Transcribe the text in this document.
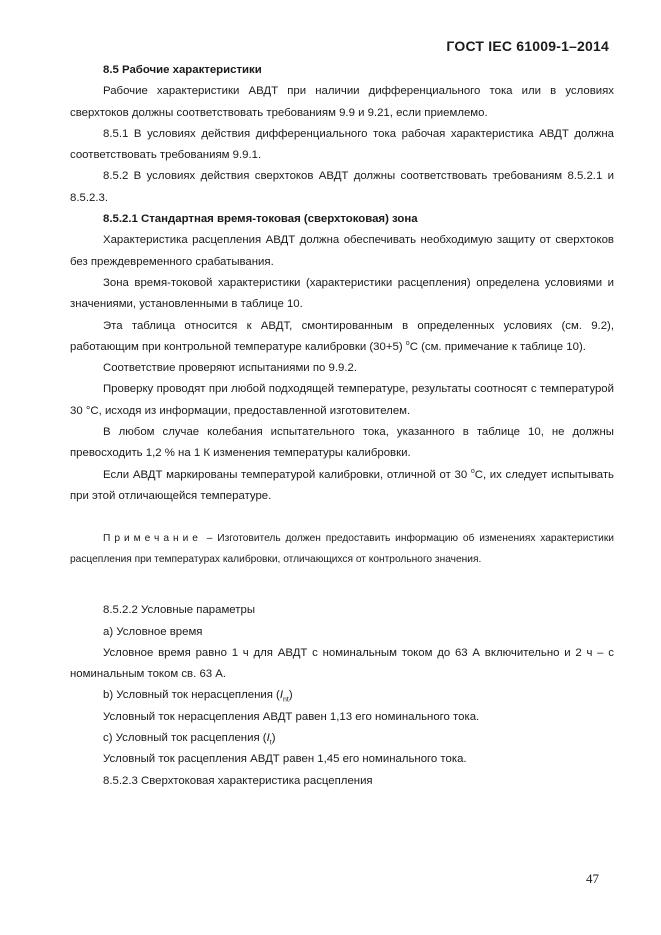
ГОСТ IEC 61009-1–2014

8.5 Рабочие характеристики

Рабочие характеристики АВДТ при наличии дифференциального тока или в условиях сверхтоков должны соответствовать требованиям 9.9 и 9.21, если приемлемо.

8.5.1 В условиях действия дифференциального тока рабочая характеристика АВДТ должна соответствовать требованиям 9.9.1.

8.5.2 В условиях действия сверхтоков АВДТ должны соответствовать требованиям 8.5.2.1 и 8.5.2.3.

8.5.2.1 Стандартная время-токовая (сверхтоковая) зона

Характеристика расцепления АВДТ должна обеспечивать необходимую защиту от сверхтоков без преждевременного срабатывания.

Зона время-токовой характеристики (характеристики расцепления) определена условиями и значениями, установленными в таблице 10.

Эта таблица относится к АВДТ, смонтированным в определенных условиях (см. 9.2), работающим при контрольной температуре калибровки (30+5) $^o$С (см. примечание к таблице 10).

Соответствие проверяют испытаниями по 9.9.2.

Проверку проводят при любой подходящей температуре, результаты соотносят с температурой 30 °С, исходя из информации, предоставленной изготовителем.

В любом случае колебания испытательного тока, указанного в таблице 10, не должны превосходить 1,2 % на 1 К изменения температуры калибровки.

Если АВДТ маркированы температурой калибровки, отличной от 30 $^o$С, их следует испытывать при этой отличающейся температуре.

Примечание – Изготовитель должен предоставить информацию об изменениях характеристики расцепления при температурах калибровки, отличающихся от контрольного значения.

8.5.2.2 Условные параметры

a) Условное время

Условное время равно 1 ч для АВДТ с номинальным током до 63 А включительно и 2 ч – с номинальным током св. 63 А.

b) Условный ток нерасцепления $(I_{nt})$

Условный ток нерасцепления АВДТ равен 1,13 его номинального тока.

c) Условный ток расцепления $(I_t)$

Условный ток расцепления АВДТ равен 1,45 его номинального тока.

8.5.2.3 Сверхтоковая характеристика расцепления

47
